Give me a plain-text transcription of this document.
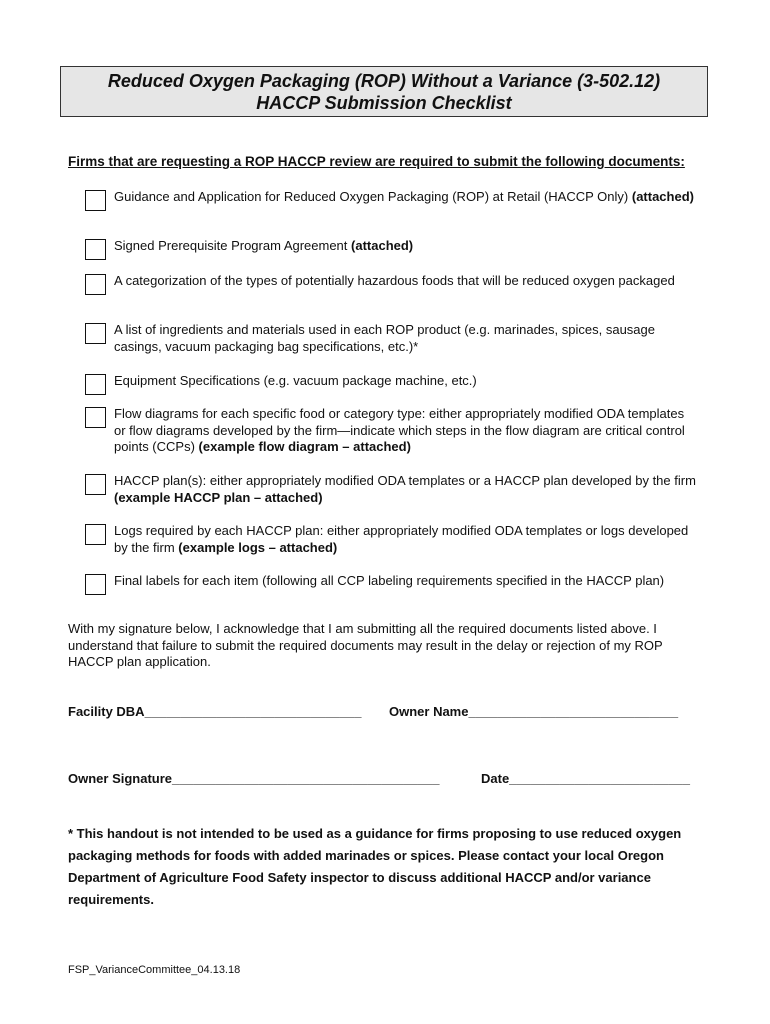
Reduced Oxygen Packaging (ROP) Without a Variance (3-502.12)
HACCP Submission Checklist
Firms that are requesting a ROP HACCP review are required to submit the following documents:
Guidance and Application for Reduced Oxygen Packaging (ROP) at Retail (HACCP Only) (attached)
Signed Prerequisite Program Agreement (attached)
A categorization of the types of potentially hazardous foods that will be reduced oxygen packaged
A list of ingredients and materials used in each ROP product (e.g. marinades, spices, sausage casings, vacuum packaging bag specifications, etc.)*
Equipment Specifications (e.g. vacuum package machine, etc.)
Flow diagrams for each specific food or category type: either appropriately modified ODA templates or flow diagrams developed by the firm—indicate which steps in the flow diagram are critical control points (CCPs) (example flow diagram – attached)
HACCP plan(s): either appropriately modified ODA templates or a HACCP plan developed by the firm (example HACCP plan – attached)
Logs required by each HACCP plan: either appropriately modified ODA templates or logs developed by the firm (example logs – attached)
Final labels for each item (following all CCP labeling requirements specified in the HACCP plan)
With my signature below, I acknowledge that I am submitting all the required documents listed above. I understand that failure to submit the required documents may result in the delay or rejection of my ROP HACCP plan application.
Facility DBA______________________________ Owner Name_____________________________
Owner Signature_____________________________________	Date_________________________
* This handout is not intended to be used as a guidance for firms proposing to use reduced oxygen packaging methods for foods with added marinades or spices. Please contact your local Oregon Department of Agriculture Food Safety inspector to discuss additional HACCP and/or variance requirements.
FSP_VarianceCommittee_04.13.18
